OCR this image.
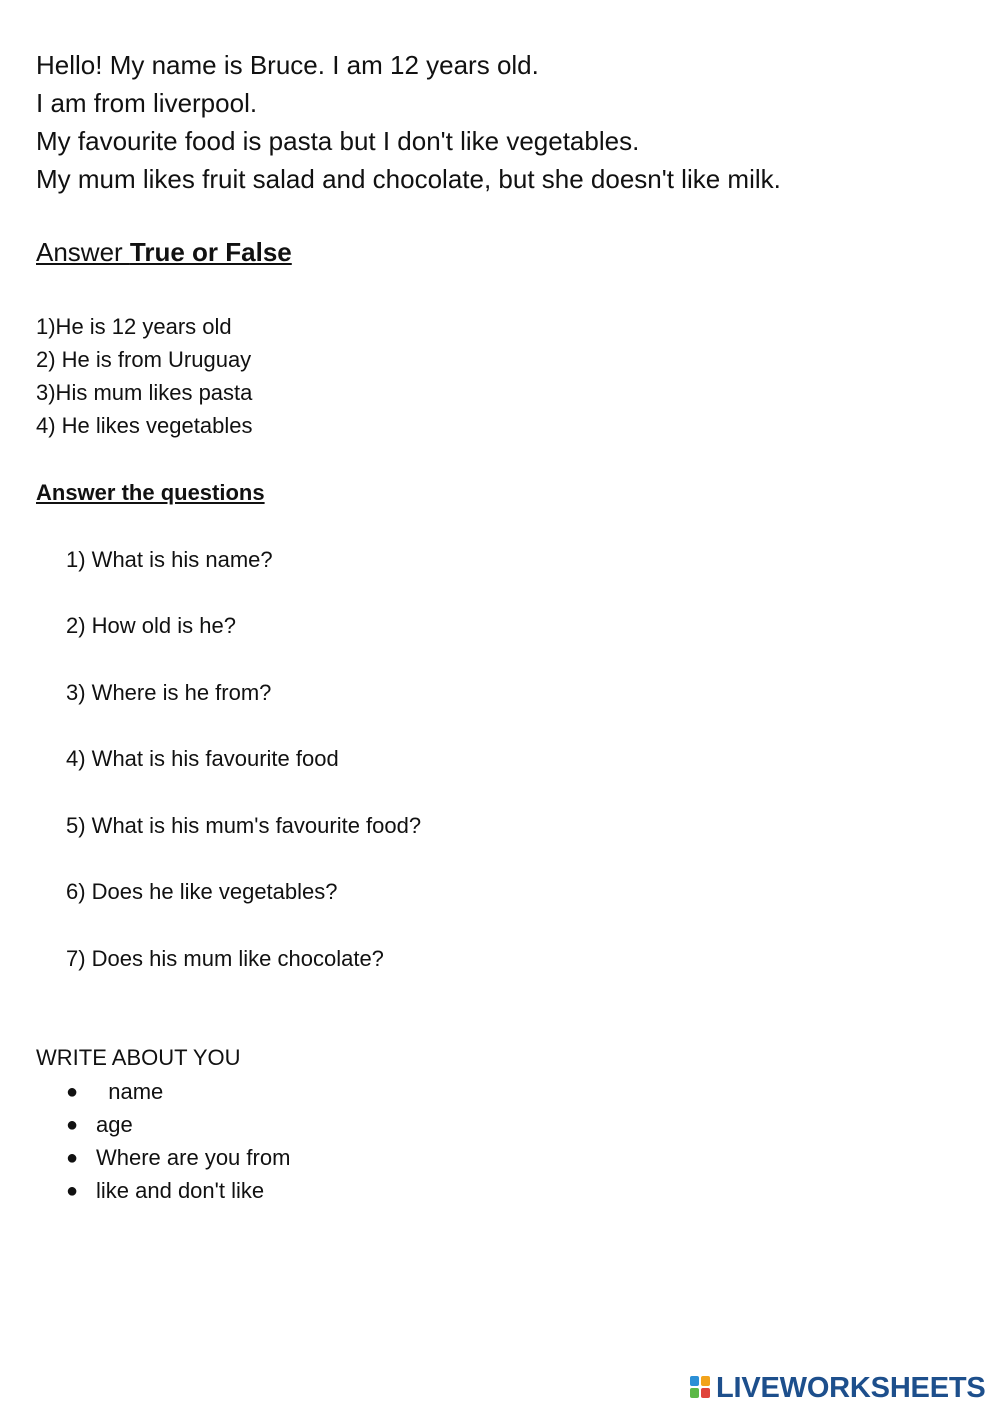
Hello! My name is Bruce. I am 12 years old.
I am from liverpool.
My favourite food is pasta but I don't like vegetables.
My mum likes fruit salad and chocolate, but she doesn't like milk.
Answer True or False
1)He is 12 years old
2) He is from Uruguay
3)His mum likes pasta
4) He likes vegetables
Answer the questions
1) What is his name?
2) How old is he?
3) Where is he from?
4) What is his favourite food
5) What is his mum's favourite food?
6) Does he like vegetables?
7) Does his mum like chocolate?
WRITE ABOUT YOU
● name
● age
● Where are you from
● like and don't like
LIVEWORKSHEETS
